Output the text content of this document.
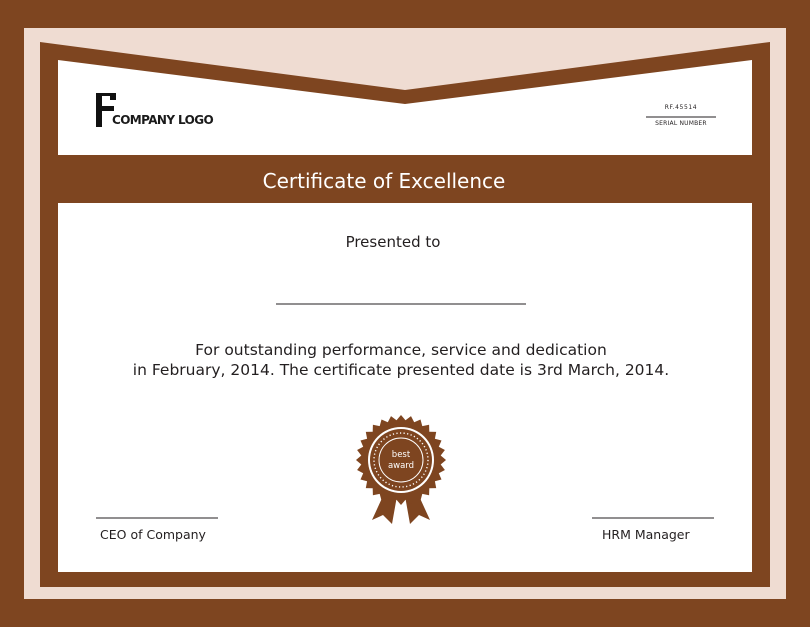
COMPANY LOGO
RF.45514
SERIAL NUMBER
Certificate of Excellence
Presented to
For outstanding performance, service and dedication
in February, 2014. The certificate presented date is 3rd March, 2014.
best
award
CEO of Company	HRM Manager
